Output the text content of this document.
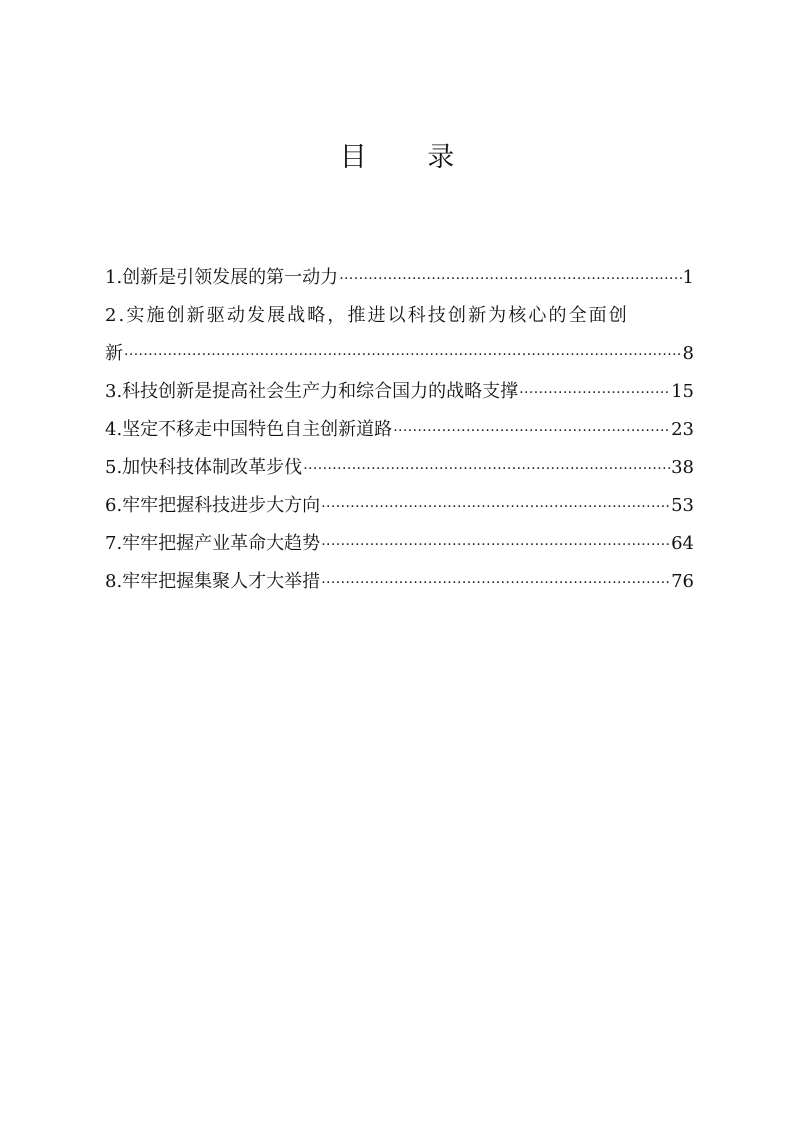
目 录
1.创新是引领发展的第一动力 ·····	1
2.实施创新驱动发展战略，推进以科技创新为核心的全面创
新 ·····	8
3.科技创新是提高社会生产力和综合国力的战略支撑 ·····	15
4.坚定不移走中国特色自主创新道路 ·····	23
5.加快科技体制改革步伐 ·····	38
6.牢牢把握科技进步大方向 ·····	53
7.牢牢把握产业革命大趋势 ·····	64
8.牢牢把握集聚人才大举措 ·····	76
